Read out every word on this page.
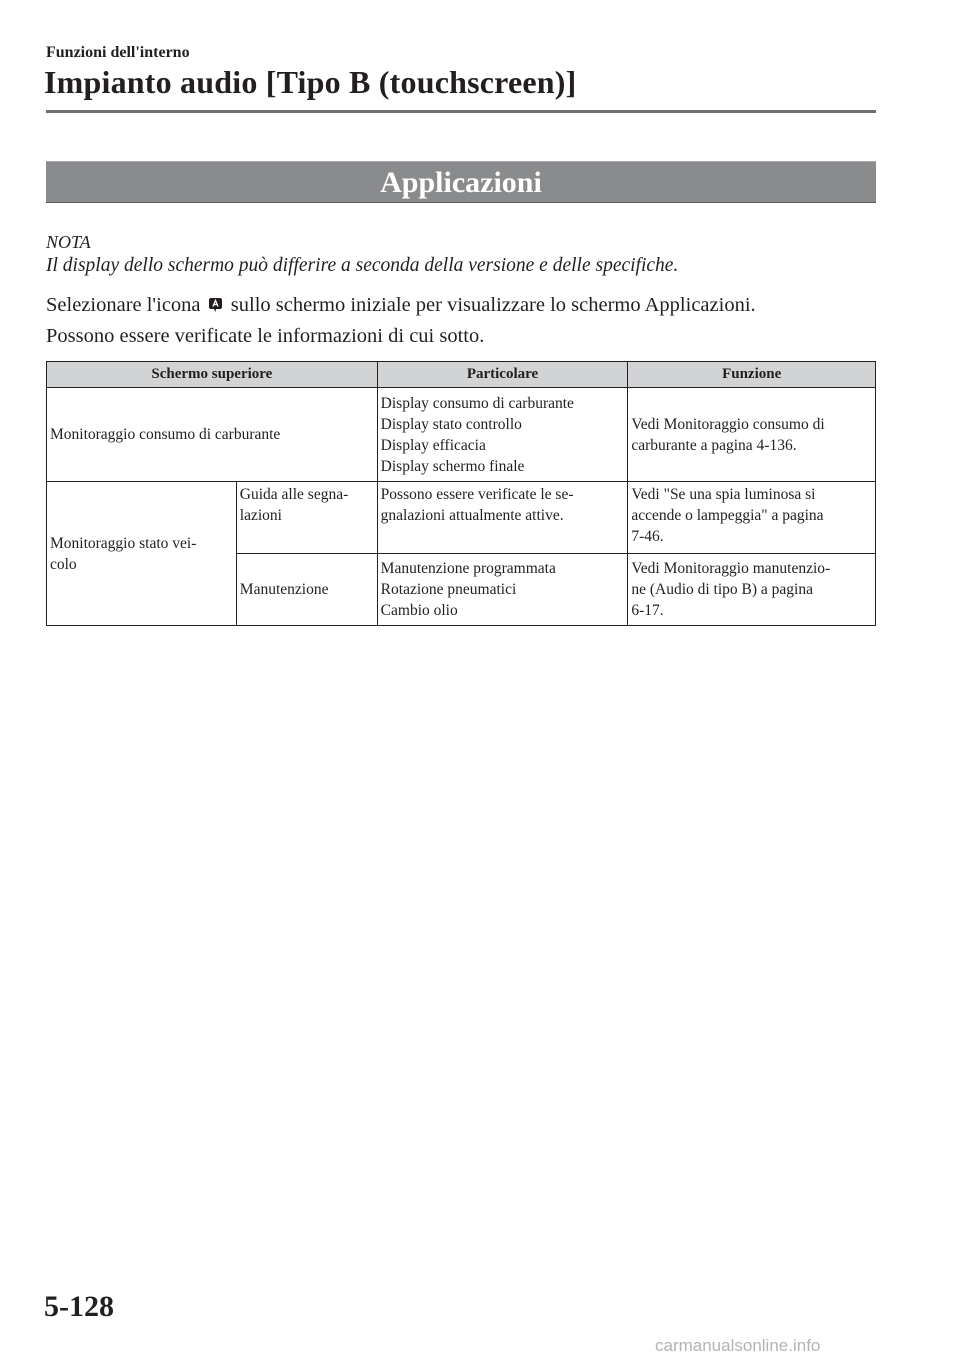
Funzioni dell'interno
Impianto audio [Tipo B (touchscreen)]
Applicazioni
NOTA
Il display dello schermo può differire a seconda della versione e delle specifiche.
Selezionare l'icona sullo schermo iniziale per visualizzare lo schermo Applicazioni.
Possono essere verificate le informazioni di cui sotto.
Schermo superiore		Particolare	Funzione
Monitoraggio consumo di carburante		Display consumo di carburante
Display stato controllo
Display efficacia
Display schermo finale	Vedi Monitoraggio consumo di
carburante a pagina 4-136.

Monitoraggio stato vei-
colo	Guida alle segna-
lazioni	Possono essere verificate le se-
gnalazioni attualmente attive.	Vedi "Se una spia luminosa si
accende o lampeggia" a pagina
7-46.

	Manutenzione	Manutenzione programmata
Rotazione pneumatici
Cambio olio	Vedi Monitoraggio manutenzio-
ne (Audio di tipo B) a pagina
6-17.
5-128
carmanualsonline.info
